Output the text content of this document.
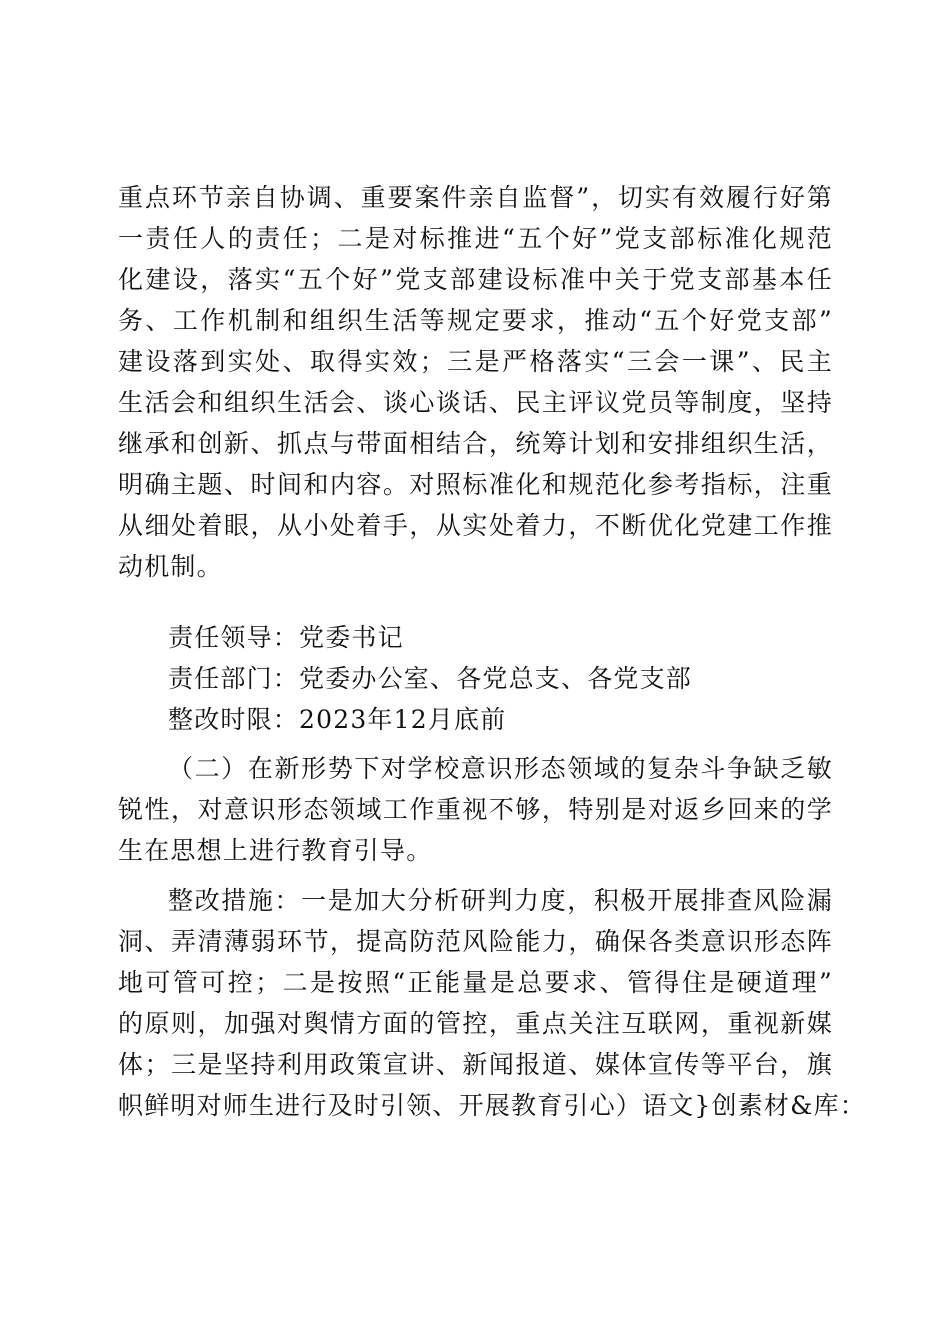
重点环节亲自协调、重要案件亲自监督”，切实有效履行好第
一责任人的责任；二是对标推进“五个好”党支部标准化规范
化建设，落实“五个好”党支部建设标准中关于党支部基本任
务、工作机制和组织生活等规定要求，推动“五个好党支部”
建设落到实处、取得实效；三是严格落实“三会一课”、民主
生活会和组织生活会、谈心谈话、民主评议党员等制度，坚持
继承和创新、抓点与带面相结合，统筹计划和安排组织生活，
明确主题、时间和内容。对照标准化和规范化参考指标，注重
从细处着眼，从小处着手，从实处着力，不断优化党建工作推
动机制。
责任领导：党委书记
责任部门：党委办公室、各党总支、各党支部
整改时限：2023年12月底前
（二）在新形势下对学校意识形态领域的复杂斗争缺乏敏
锐性，对意识形态领域工作重视不够，特别是对返乡回来的学
生在思想上进行教育引导。
整改措施：一是加大分析研判力度，积极开展排查风险漏
洞、弄清薄弱环节，提高防范风险能力，确保各类意识形态阵
地可管可控；二是按照“正能量是总要求、管得住是硬道理”
的原则，加强对舆情方面的管控，重点关注互联网，重视新媒
体；三是坚持利用政策宣讲、新闻报道、媒体宣传等平台，旗
帜鲜明对师生进行及时引领、开展教育引心）语文}创素材&库：
